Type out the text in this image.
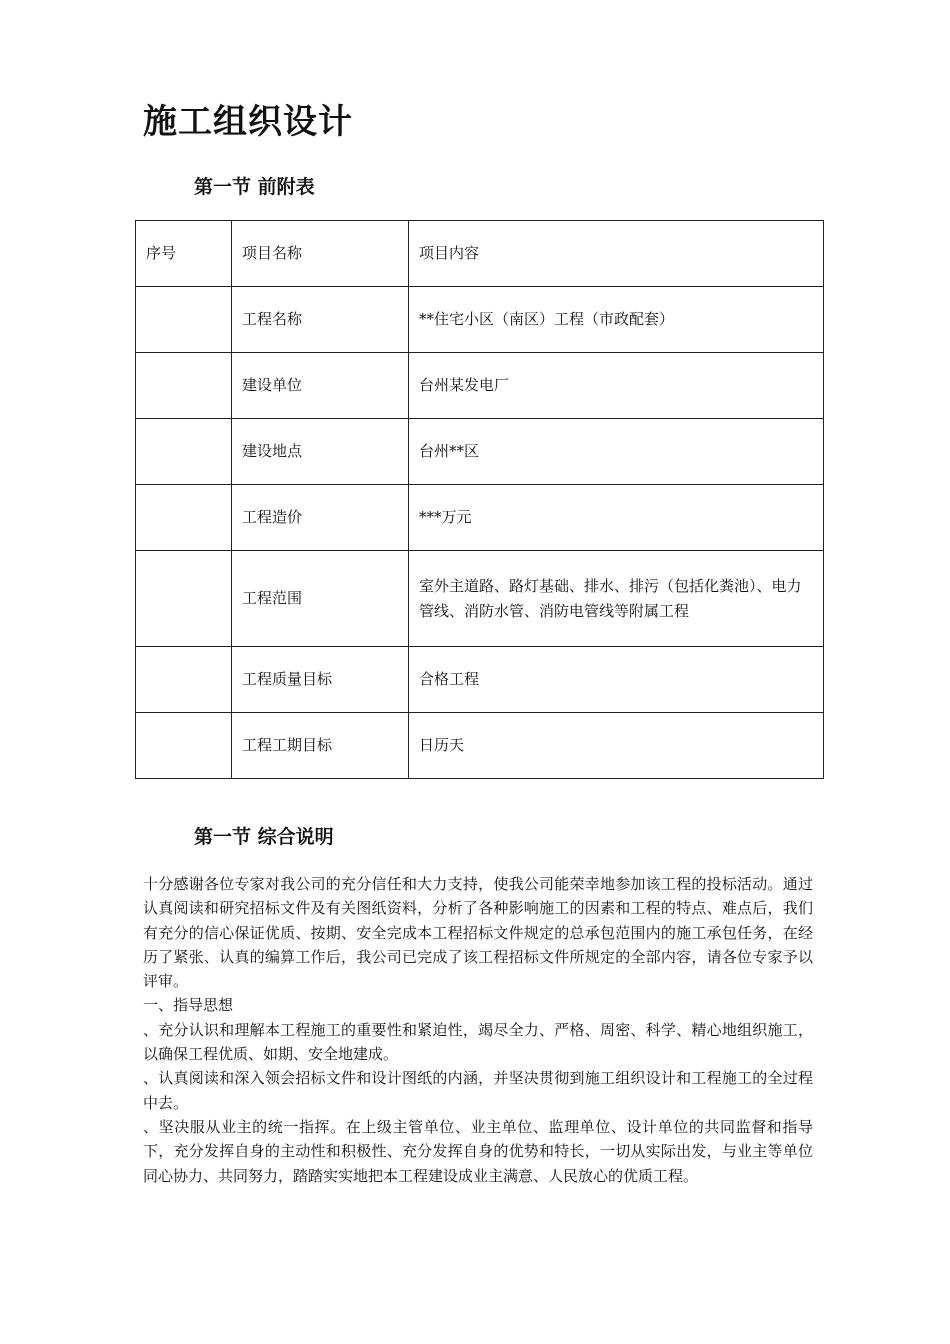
施工组织设计
第一节 前附表
序号	项目名称	项目内容
	工程名称	**住宅小区（南区）工程（市政配套）
	建设单位	台州某发电厂
	建设地点	台州**区
	工程造价	***万元
	工程范围	室外主道路、路灯基础、排水、排污（包括化粪池）、电力管线、消防水管、消防电管线等附属工程
	工程质量目标	合格工程
	工程工期目标	日历天
第一节 综合说明

十分感谢各位专家对我公司的充分信任和大力支持，使我公司能荣幸地参加该工程的投标活动。通过认真阅读和研究招标文件及有关图纸资料，分析了各种影响施工的因素和工程的特点、难点后，我们有充分的信心保证优质、按期、安全完成本工程招标文件规定的总承包范围内的施工承包任务，在经历了紧张、认真的编算工作后，我公司已完成了该工程招标文件所规定的全部内容，请各位专家予以评审。

一、指导思想

、充分认识和理解本工程施工的重要性和紧迫性，竭尽全力、严格、周密、科学、精心地组织施工，以确保工程优质、如期、安全地建成。

、认真阅读和深入领会招标文件和设计图纸的内涵，并坚决贯彻到施工组织设计和工程施工的全过程中去。

、坚决服从业主的统一指挥。在上级主管单位、业主单位、监理单位、设计单位的共同监督和指导下，充分发挥自身的主动性和积极性、充分发挥自身的优势和特长，一切从实际出发，与业主等单位同心协力、共同努力，踏踏实实地把本工程建设成业主满意、人民放心的优质工程。
